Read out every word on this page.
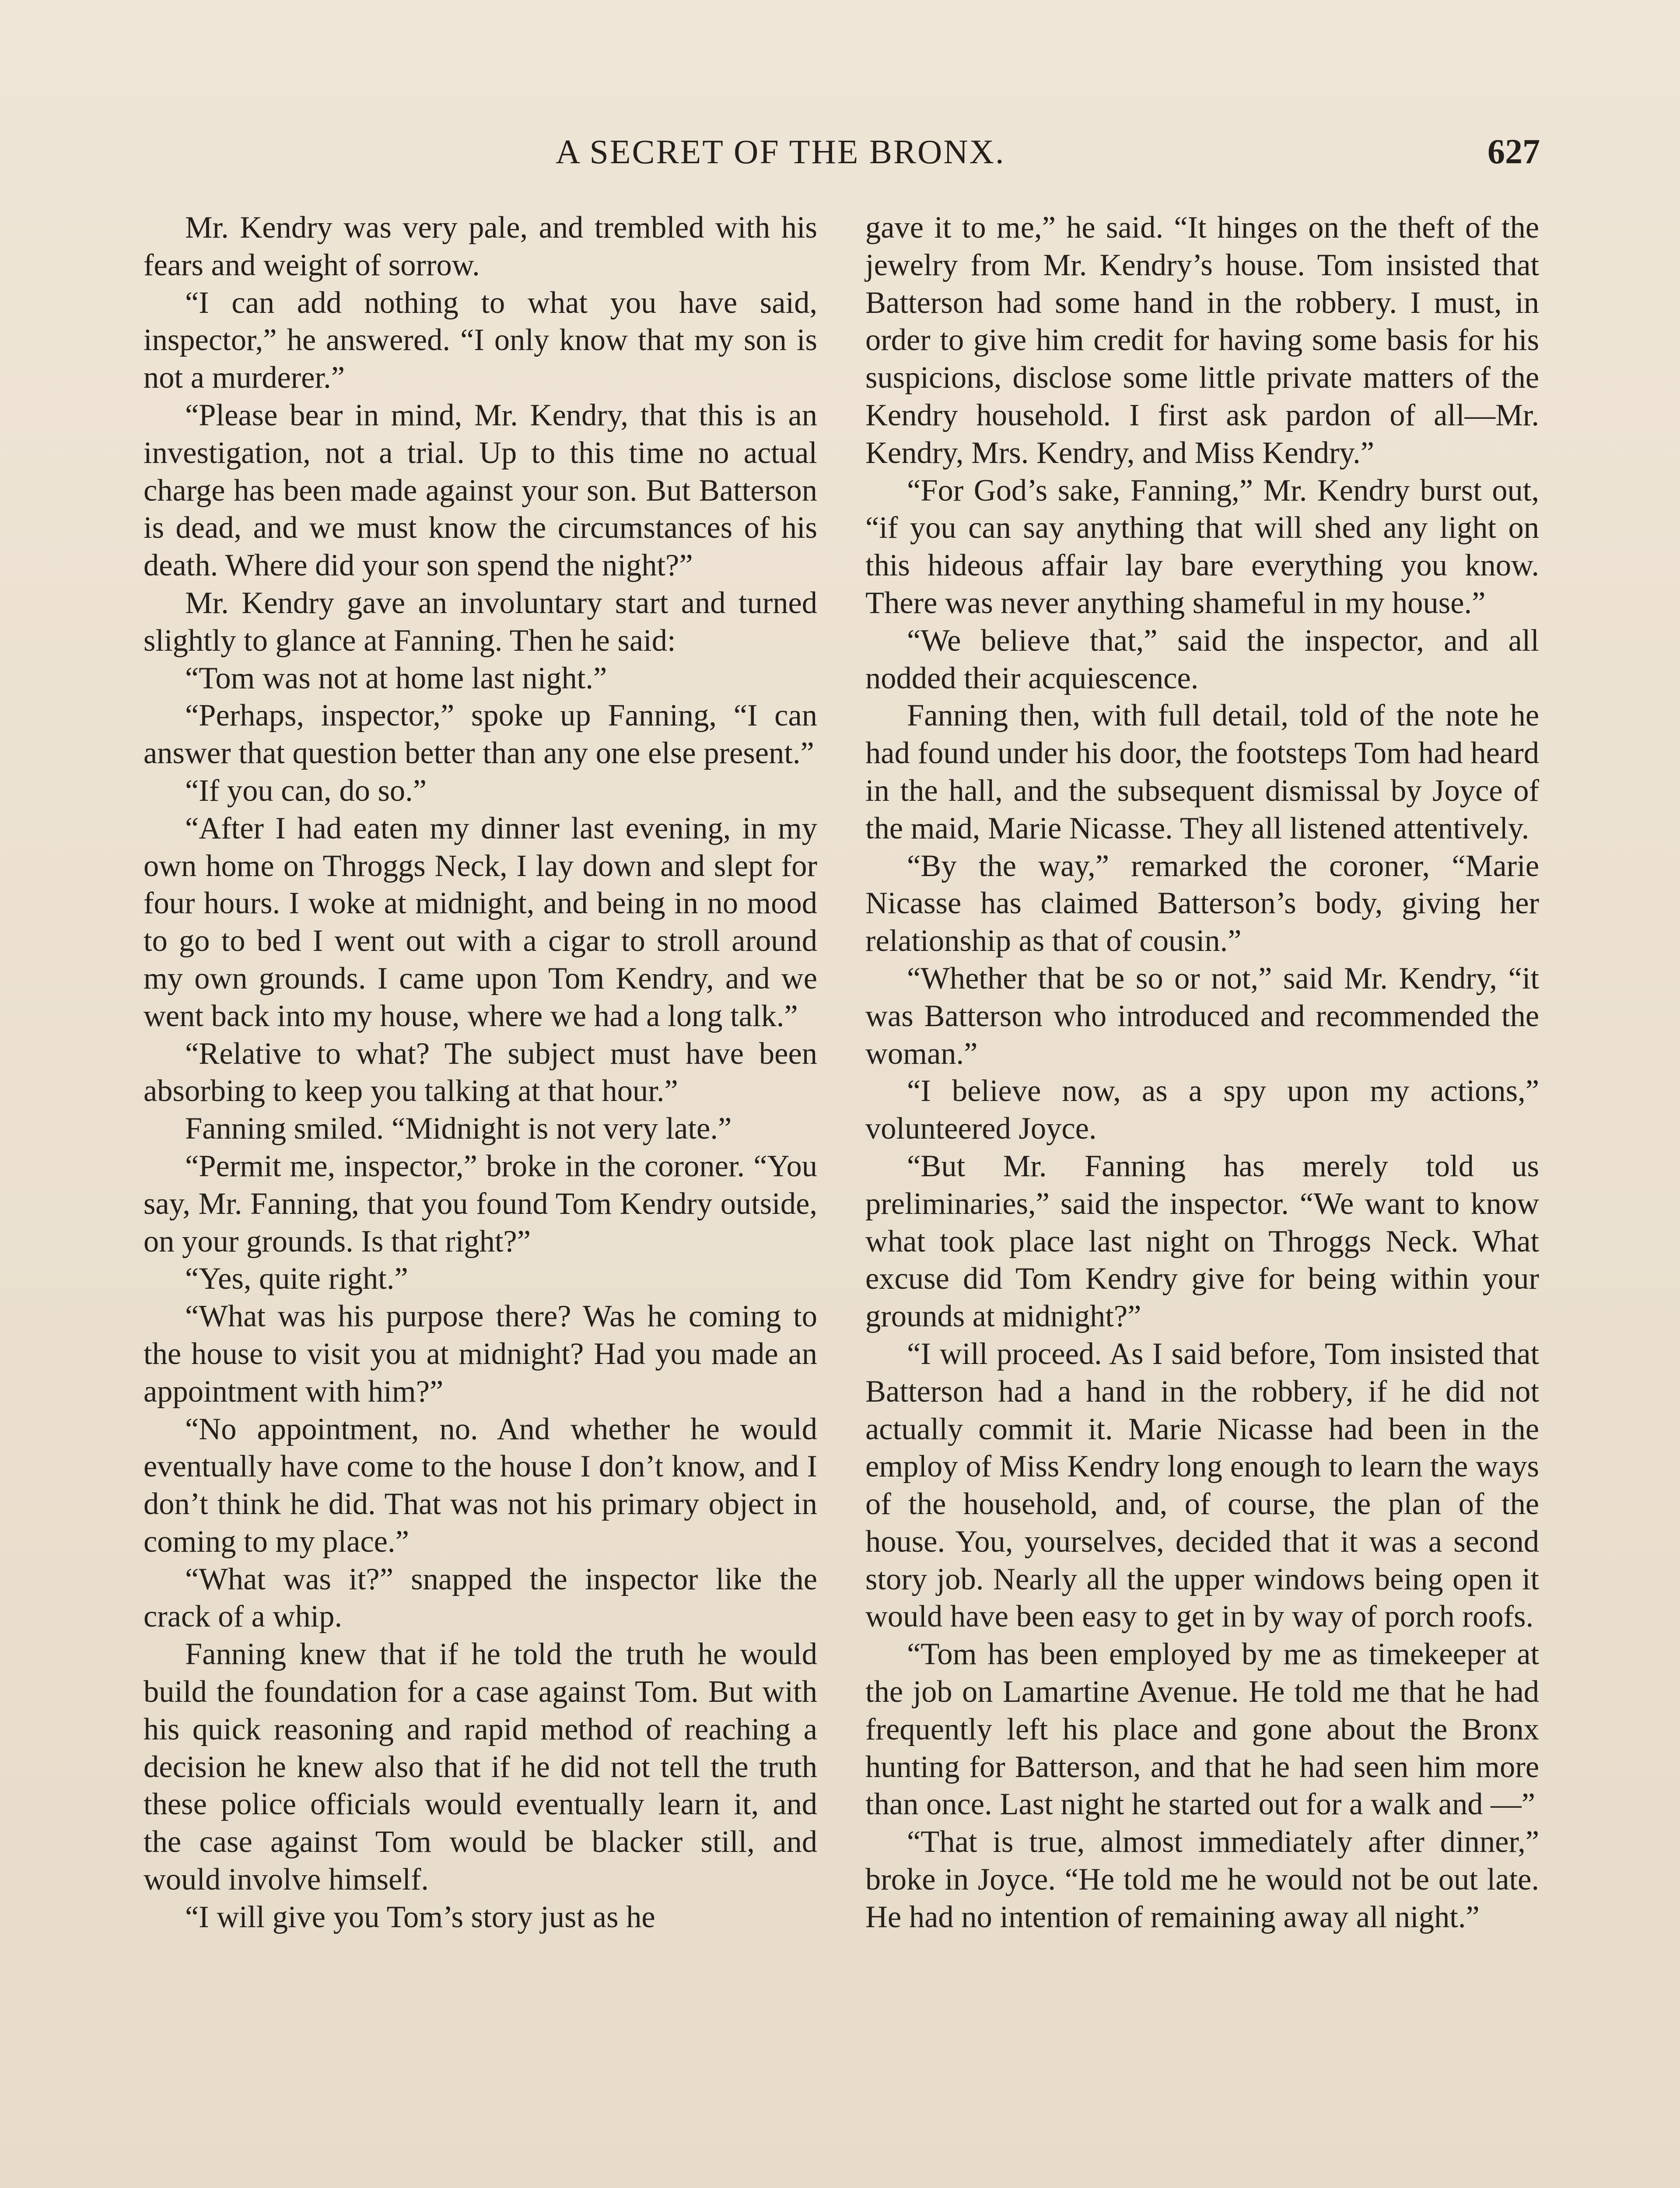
A SECRET OF THE BRONX.	627

Mr. Kendry was very pale, and trembled with his fears and weight of sorrow.

“I can add nothing to what you have said, inspector,” he answered. “I only know that my son is not a murderer.”

“Please bear in mind, Mr. Kendry, that this is an investigation, not a trial. Up to this time no actual charge has been made against your son. But Batterson is dead, and we must know the circumstances of his death. Where did your son spend the night?”

Mr. Kendry gave an involuntary start and turned slightly to glance at Fanning. Then he said:

“Tom was not at home last night.”

“Perhaps, inspector,” spoke up Fanning, “I can answer that question better than any one else present.”

“If you can, do so.”

“After I had eaten my dinner last evening, in my own home on Throggs Neck, I lay down and slept for four hours. I woke at midnight, and being in no mood to go to bed I went out with a cigar to stroll around my own grounds. I came upon Tom Kendry, and we went back into my house, where we had a long talk.”

“Relative to what? The subject must have been absorbing to keep you talking at that hour.”

Fanning smiled. “Midnight is not very late.”

“Permit me, inspector,” broke in the coroner. “You say, Mr. Fanning, that you found Tom Kendry outside, on your grounds. Is that right?”

“Yes, quite right.”

“What was his purpose there? Was he coming to the house to visit you at midnight? Had you made an appointment with him?”

“No appointment, no. And whether he would eventually have come to the house I don’t know, and I don’t think he did. That was not his primary object in coming to my place.”

“What was it?” snapped the inspector like the crack of a whip.

Fanning knew that if he told the truth he would build the foundation for a case against Tom. But with his quick reasoning and rapid method of reaching a decision he knew also that if he did not tell the truth these police officials would eventually learn it, and the case against Tom would be blacker still, and would involve himself.

“I will give you Tom’s story just as he

gave it to me,” he said. “It hinges on the theft of the jewelry from Mr. Kendry’s house. Tom insisted that Batterson had some hand in the robbery. I must, in order to give him credit for having some basis for his suspicions, disclose some little private matters of the Kendry household. I first ask pardon of all—Mr. Kendry, Mrs. Kendry, and Miss Kendry.”

“For God’s sake, Fanning,” Mr. Kendry burst out, “if you can say anything that will shed any light on this hideous affair lay bare everything you know. There was never anything shameful in my house.”

“We believe that,” said the inspector, and all nodded their acquiescence.

Fanning then, with full detail, told of the note he had found under his door, the footsteps Tom had heard in the hall, and the subsequent dismissal by Joyce of the maid, Marie Nicasse. They all listened attentively.

“By the way,” remarked the coroner, “Marie Nicasse has claimed Batterson’s body, giving her relationship as that of cousin.”

“Whether that be so or not,” said Mr. Kendry, “it was Batterson who introduced and recommended the woman.”

“I believe now, as a spy upon my actions,” volunteered Joyce.

“But Mr. Fanning has merely told us preliminaries,” said the inspector. “We want to know what took place last night on Throggs Neck. What excuse did Tom Kendry give for being within your grounds at midnight?”

“I will proceed. As I said before, Tom insisted that Batterson had a hand in the robbery, if he did not actually commit it. Marie Nicasse had been in the employ of Miss Kendry long enough to learn the ways of the household, and, of course, the plan of the house. You, yourselves, decided that it was a second story job. Nearly all the upper windows being open it would have been easy to get in by way of porch roofs.

“Tom has been employed by me as timekeeper at the job on Lamartine Avenue. He told me that he had frequently left his place and gone about the Bronx hunting for Batterson, and that he had seen him more than once. Last night he started out for a walk and —”

“That is true, almost immediately after dinner,” broke in Joyce. “He told me he would not be out late. He had no intention of remaining away all night.”
